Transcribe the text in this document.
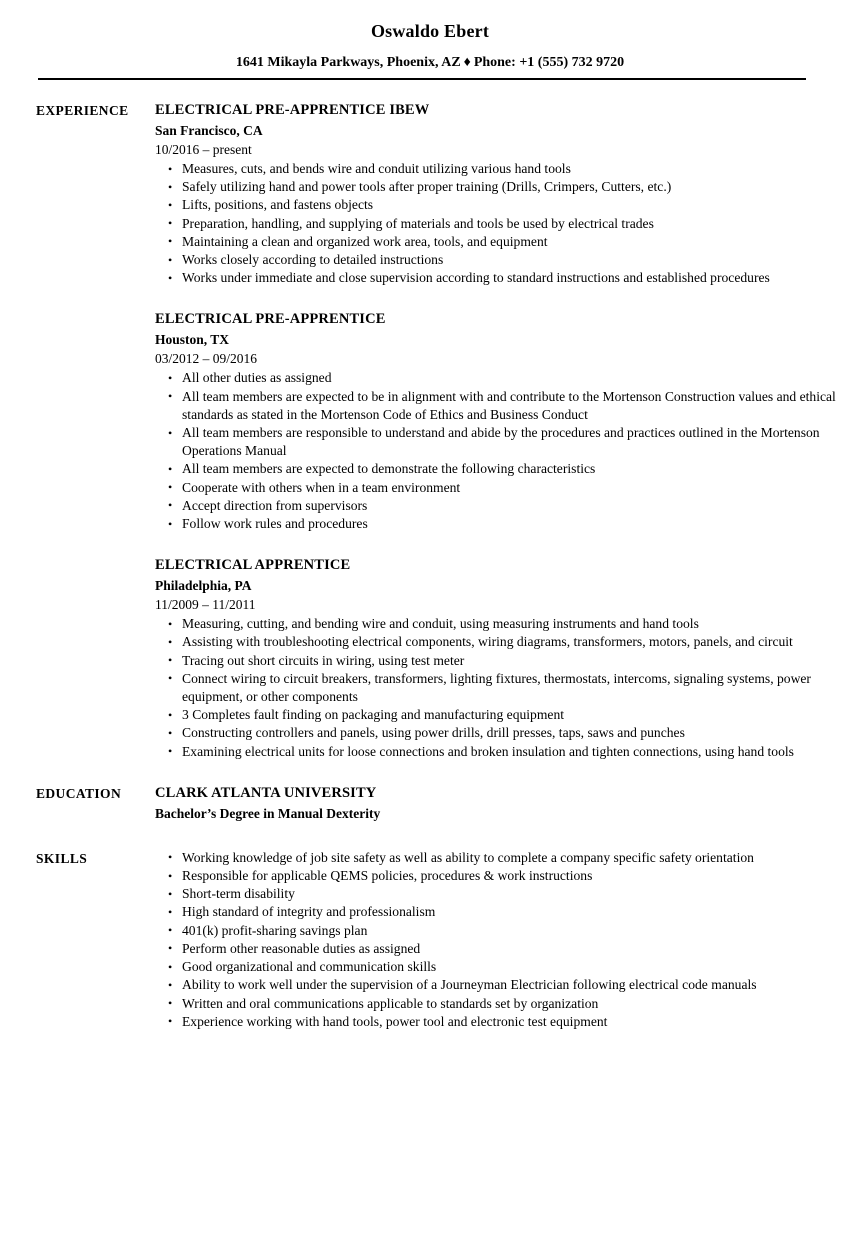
Oswaldo Ebert
1641 Mikayla Parkways, Phoenix, AZ ♦ Phone: +1 (555) 732 9720
EXPERIENCE	ELECTRICAL PRE-APPRENTICE IBEW
San Francisco, CA
10/2016 – present
• Measures, cuts, and bends wire and conduit utilizing various hand tools
• Safely utilizing hand and power tools after proper training (Drills, Crimpers, Cutters, etc.)
• Lifts, positions, and fastens objects
• Preparation, handling, and supplying of materials and tools be used by electrical trades
• Maintaining a clean and organized work area, tools, and equipment
• Works closely according to detailed instructions
• Works under immediate and close supervision according to standard instructions and established procedures
ELECTRICAL PRE-APPRENTICE
Houston, TX
03/2012 – 09/2016
• All other duties as assigned
• All team members are expected to be in alignment with and contribute to the Mortenson Construction values and ethical standards as stated in the Mortenson Code of Ethics and Business Conduct
• All team members are responsible to understand and abide by the procedures and practices outlined in the Mortenson Operations Manual
• All team members are expected to demonstrate the following characteristics
• Cooperate with others when in a team environment
• Accept direction from supervisors
• Follow work rules and procedures
ELECTRICAL APPRENTICE
Philadelphia, PA
11/2009 – 11/2011
• Measuring, cutting, and bending wire and conduit, using measuring instruments and hand tools
• Assisting with troubleshooting electrical components, wiring diagrams, transformers, motors, panels, and circuit
• Tracing out short circuits in wiring, using test meter
• Connect wiring to circuit breakers, transformers, lighting fixtures, thermostats, intercoms, signaling systems, power equipment, or other components
• 3 Completes fault finding on packaging and manufacturing equipment
• Constructing controllers and panels, using power drills, drill presses, taps, saws and punches
• Examining electrical units for loose connections and broken insulation and tighten connections, using hand tools
EDUCATION	CLARK ATLANTA UNIVERSITY
Bachelor’s Degree in Manual Dexterity
SKILLS	• Working knowledge of job site safety as well as ability to complete a company specific safety orientation
• Responsible for applicable QEMS policies, procedures & work instructions
• Short-term disability
• High standard of integrity and professionalism
• 401(k) profit-sharing savings plan
• Perform other reasonable duties as assigned
• Good organizational and communication skills
• Ability to work well under the supervision of a Journeyman Electrician following electrical code manuals
• Written and oral communications applicable to standards set by organization
• Experience working with hand tools, power tool and electronic test equipment
